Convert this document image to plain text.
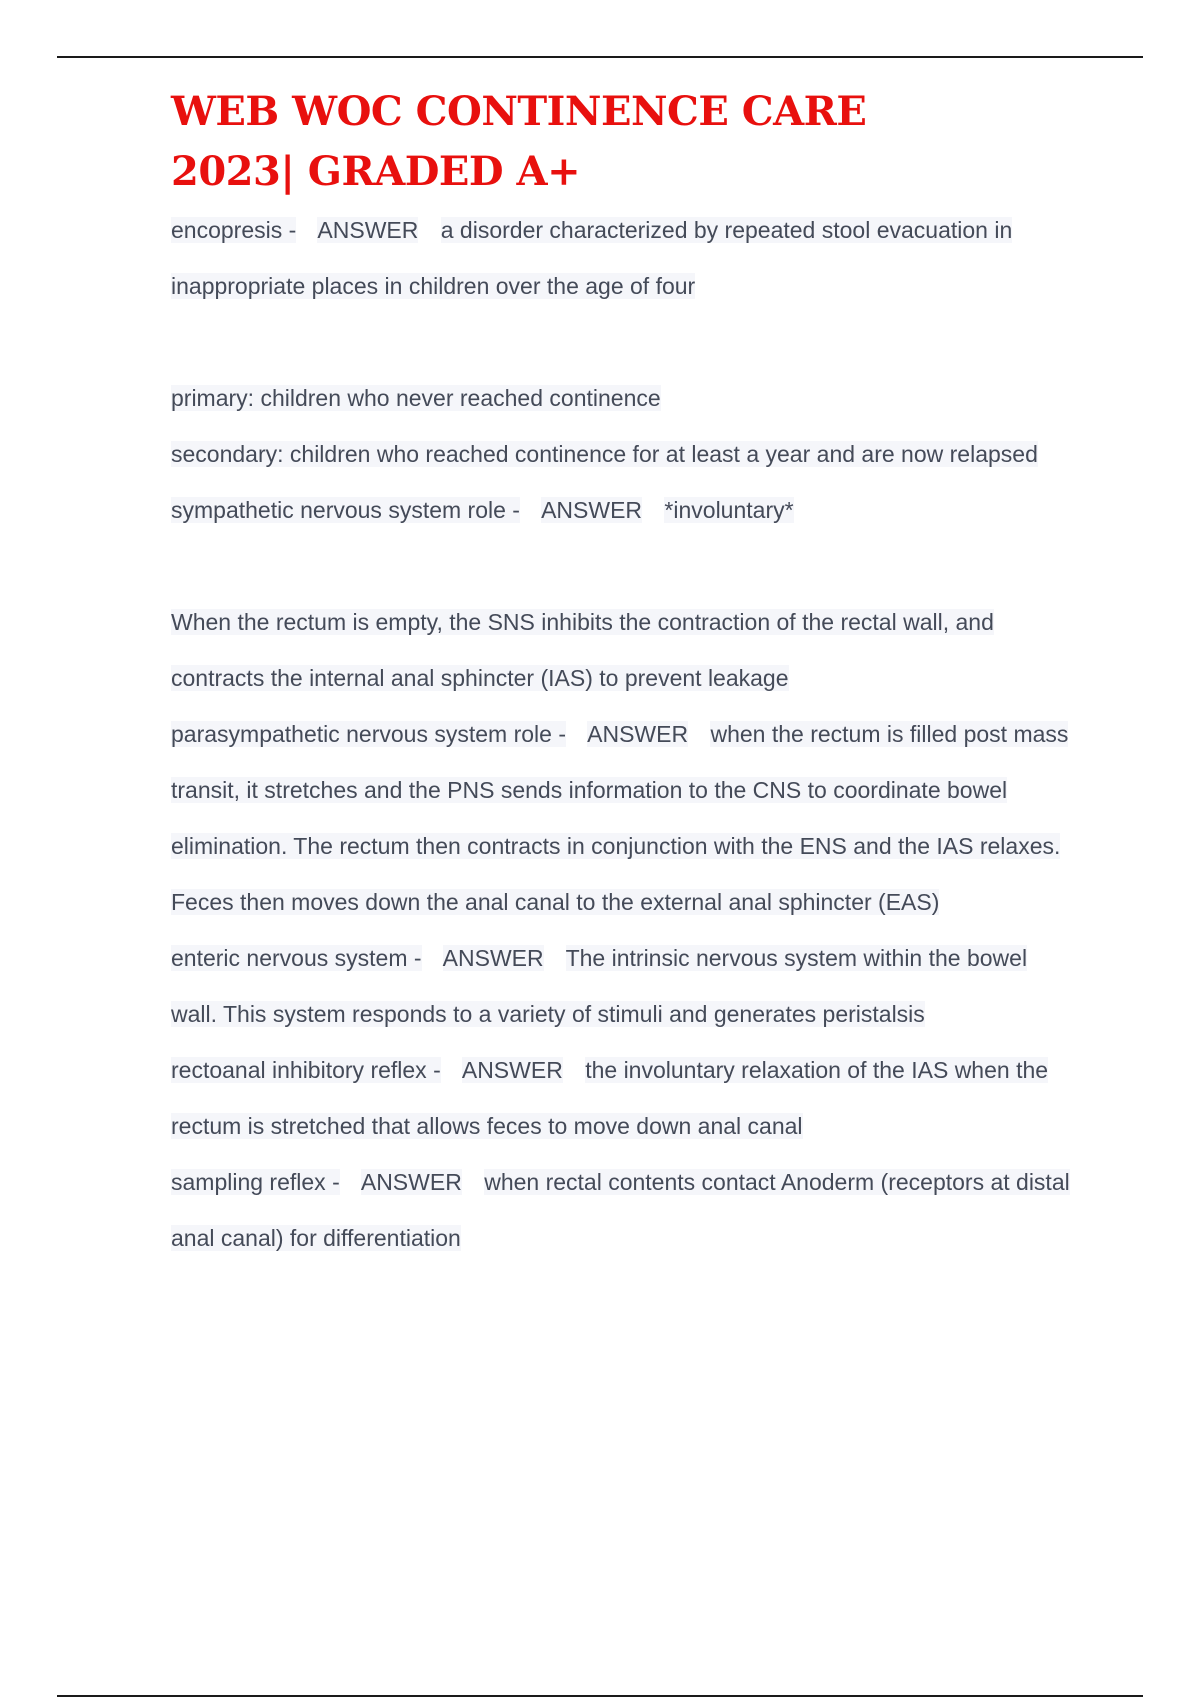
WEB WOC CONTINENCE CARE 2023| GRADED A+

encopresis - ANSWER a disorder characterized by repeated stool evacuation in inappropriate places in children over the age of four

primary: children who never reached continence

secondary: children who reached continence for at least a year and are now relapsed

sympathetic nervous system role - ANSWER *involuntary*

When the rectum is empty, the SNS inhibits the contraction of the rectal wall, and contracts the internal anal sphincter (IAS) to prevent leakage

parasympathetic nervous system role - ANSWER when the rectum is filled post mass transit, it stretches and the PNS sends information to the CNS to coordinate bowel elimination. The rectum then contracts in conjunction with the ENS and the IAS relaxes. Feces then moves down the anal canal to the external anal sphincter (EAS)

enteric nervous system - ANSWER The intrinsic nervous system within the bowel wall. This system responds to a variety of stimuli and generates peristalsis

rectoanal inhibitory reflex - ANSWER the involuntary relaxation of the IAS when the rectum is stretched that allows feces to move down anal canal

sampling reflex - ANSWER when rectal contents contact Anoderm (receptors at distal anal canal) for differentiation
